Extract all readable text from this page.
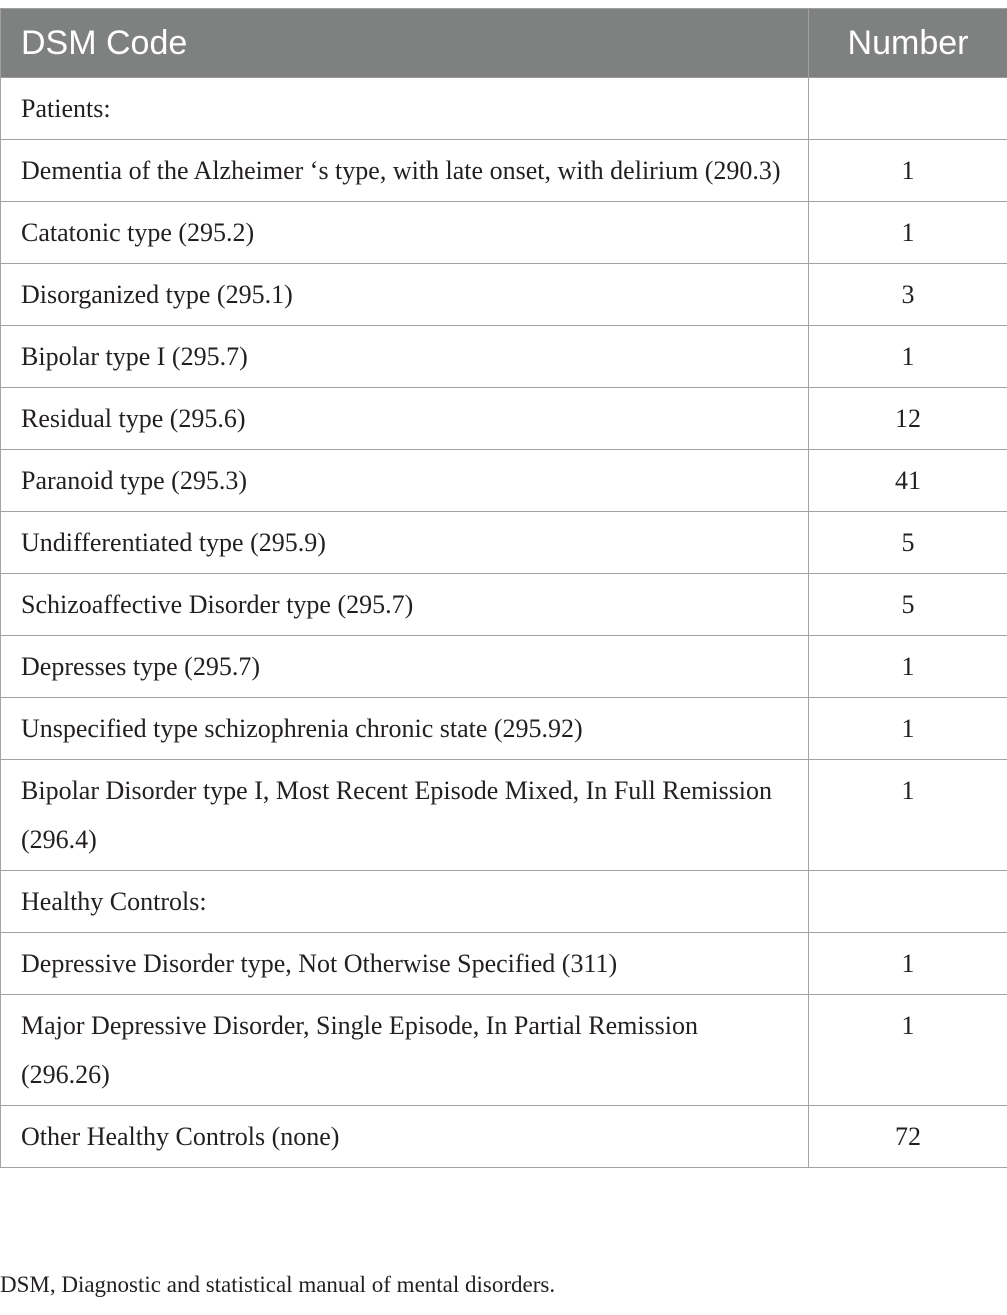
DSM Code	Number
Patients:	
Dementia of the Alzheimer ‘s type, with late onset, with delirium (290.3)	1
Catatonic type (295.2)	1
Disorganized type (295.1)	3
Bipolar type I (295.7)	1
Residual type (295.6)	12
Paranoid type (295.3)	41
Undifferentiated type (295.9)	5
Schizoaffective Disorder type (295.7)	5
Depresses type (295.7)	1
Unspecified type schizophrenia chronic state (295.92)	1
Bipolar Disorder type I, Most Recent Episode Mixed, In Full Remission (296.4)	1
Healthy Controls:	
Depressive Disorder type, Not Otherwise Specified (311)	1
Major Depressive Disorder, Single Episode, In Partial Remission (296.26)	1
Other Healthy Controls (none)	72
DSM, Diagnostic and statistical manual of mental disorders.
